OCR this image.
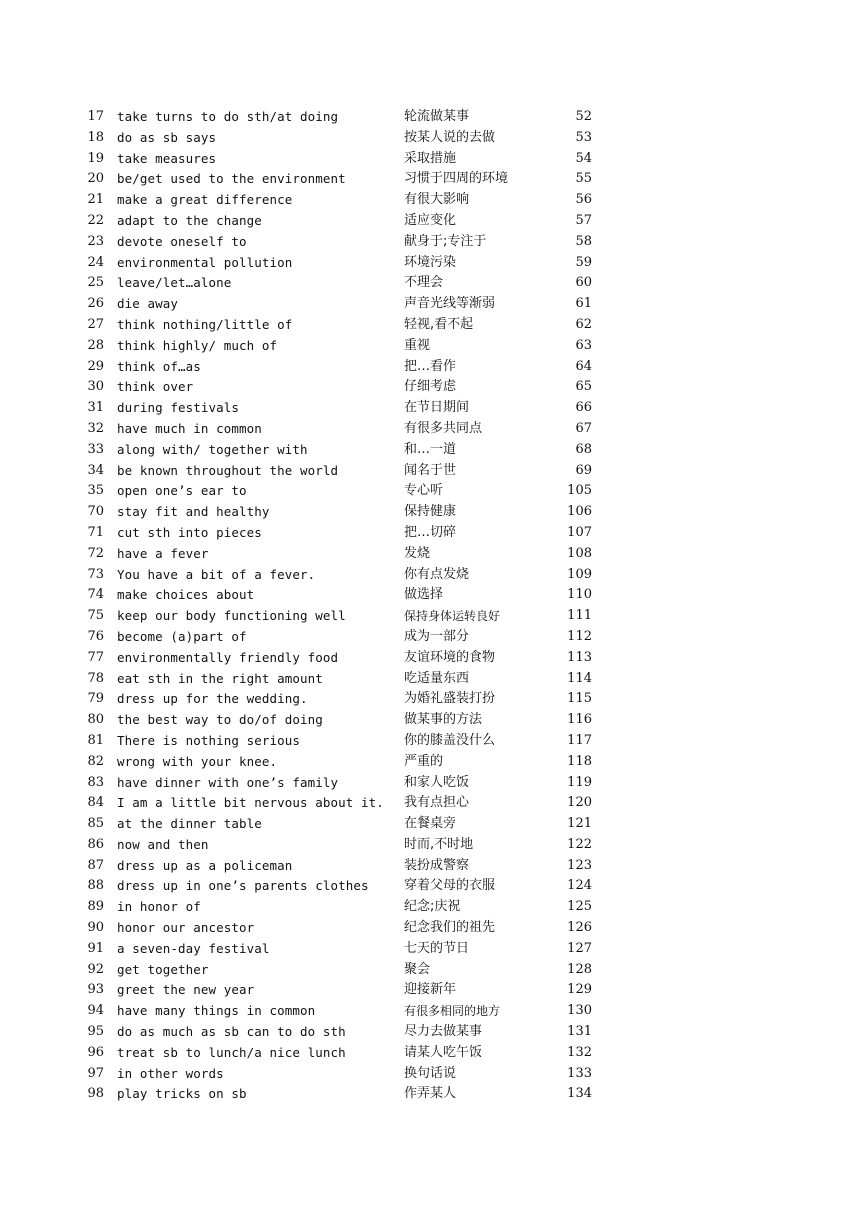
17 take turns to do sth/at doing	轮流做某事	52
18 do as sb says	按某人说的去做	53
19 take measures	采取措施	54
20 be/get used to the environment	习惯于四周的环境	55
21 make a great difference	有很大影响	56
22 adapt to the change	适应变化	57
23 devote oneself to	献身于;专注于	58
24 environmental pollution	环境污染	59
25 leave/let…alone	不理会	60
26 die away	声音光线等渐弱	61
27 think nothing/little of	轻视,看不起	62
28 think highly/ much of	重视	63
29 think of…as	把…看作	64
30 think over	仔细考虑	65
31 during festivals	在节日期间	66
32 have much in common	有很多共同点	67
33 along with/ together with	和…一道	68
34 be known throughout the world	闻名于世	69
35 open one’s ear to	专心听	105
70 stay fit and healthy	保持健康	106
71 cut sth into pieces	把…切碎	107
72 have a fever	发烧	108
73 You have a bit of a fever.	你有点发烧	109
74 make choices about	做选择	110
75 keep our body functioning well	保持身体运转良好	111
76 become (a)part of	成为一部分	112
77 environmentally friendly food	友谊环境的食物	113
78 eat sth in the right amount	吃适量东西	114
79 dress up for the wedding.	为婚礼盛装打扮	115
80 the best way to do/of doing	做某事的方法	116
81 There is nothing serious	你的膝盖没什么	117
82 wrong with your knee.	严重的	118
83 have dinner with one’s family	和家人吃饭	119
84 I am a little bit nervous about it.	我有点担心	120
85 at the dinner table	在餐桌旁	121
86 now and then	时而,不时地	122
87 dress up as a policeman	装扮成警察	123
88 dress up in one’s parents clothes	穿着父母的衣服	124
89 in honor of	纪念;庆祝	125
90 honor our ancestor	纪念我们的祖先	126
91 a seven-day festival	七天的节日	127
92 get together	聚会	128
93 greet the new year	迎接新年	129
94 have many things in common	有很多相同的地方	130
95 do as much as sb can to do sth	尽力去做某事	131
96 treat sb to lunch/a nice lunch	请某人吃午饭	132
97 in other words	换句话说	133
98 play tricks on sb	作弄某人	134
